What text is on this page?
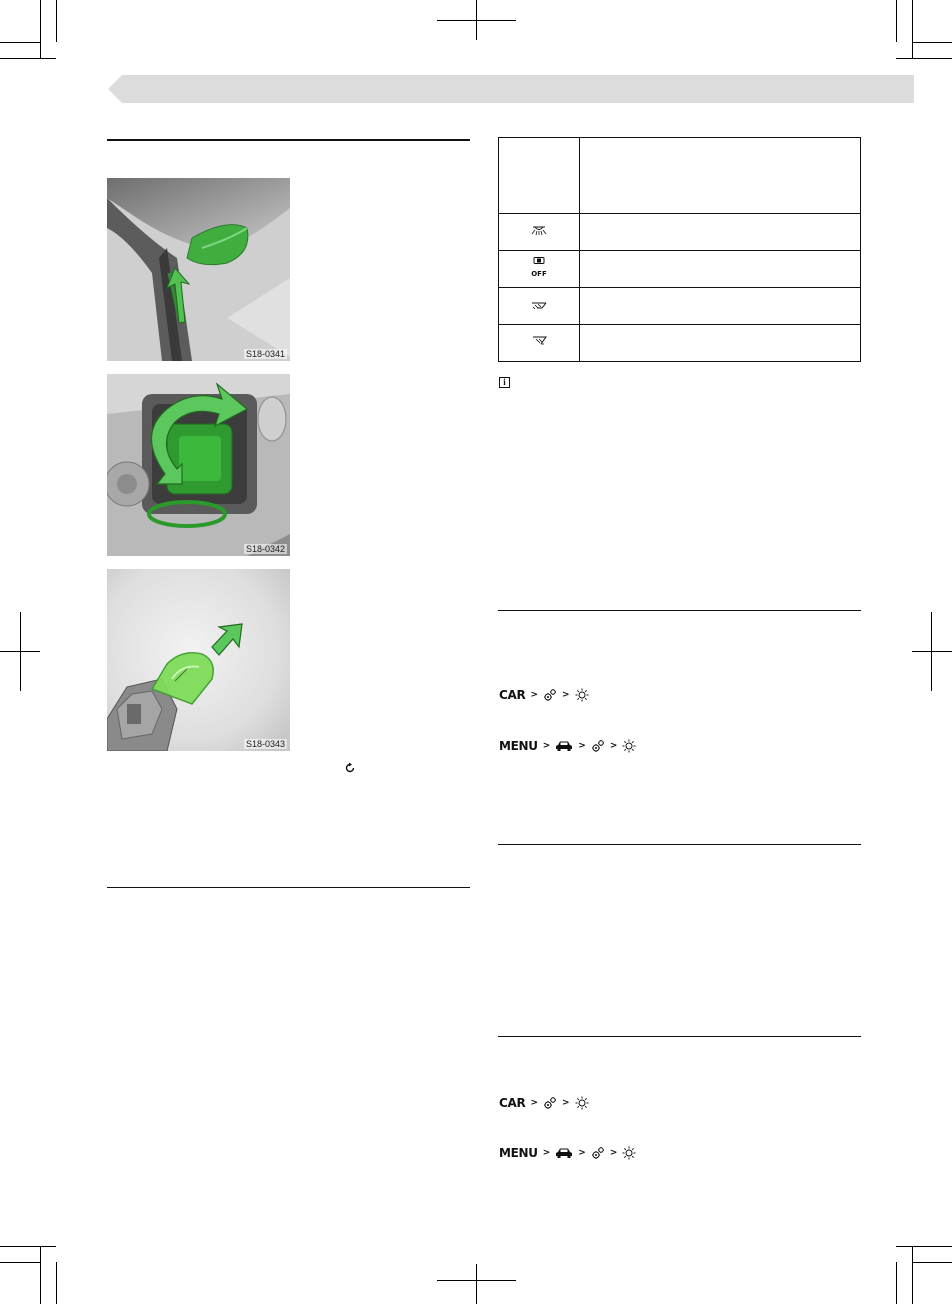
S18-0341
S18-0342
S18-0343

OFF	

i
CAR >	>
MENU >	>	>
CAR >	>
MENU >	>	>
